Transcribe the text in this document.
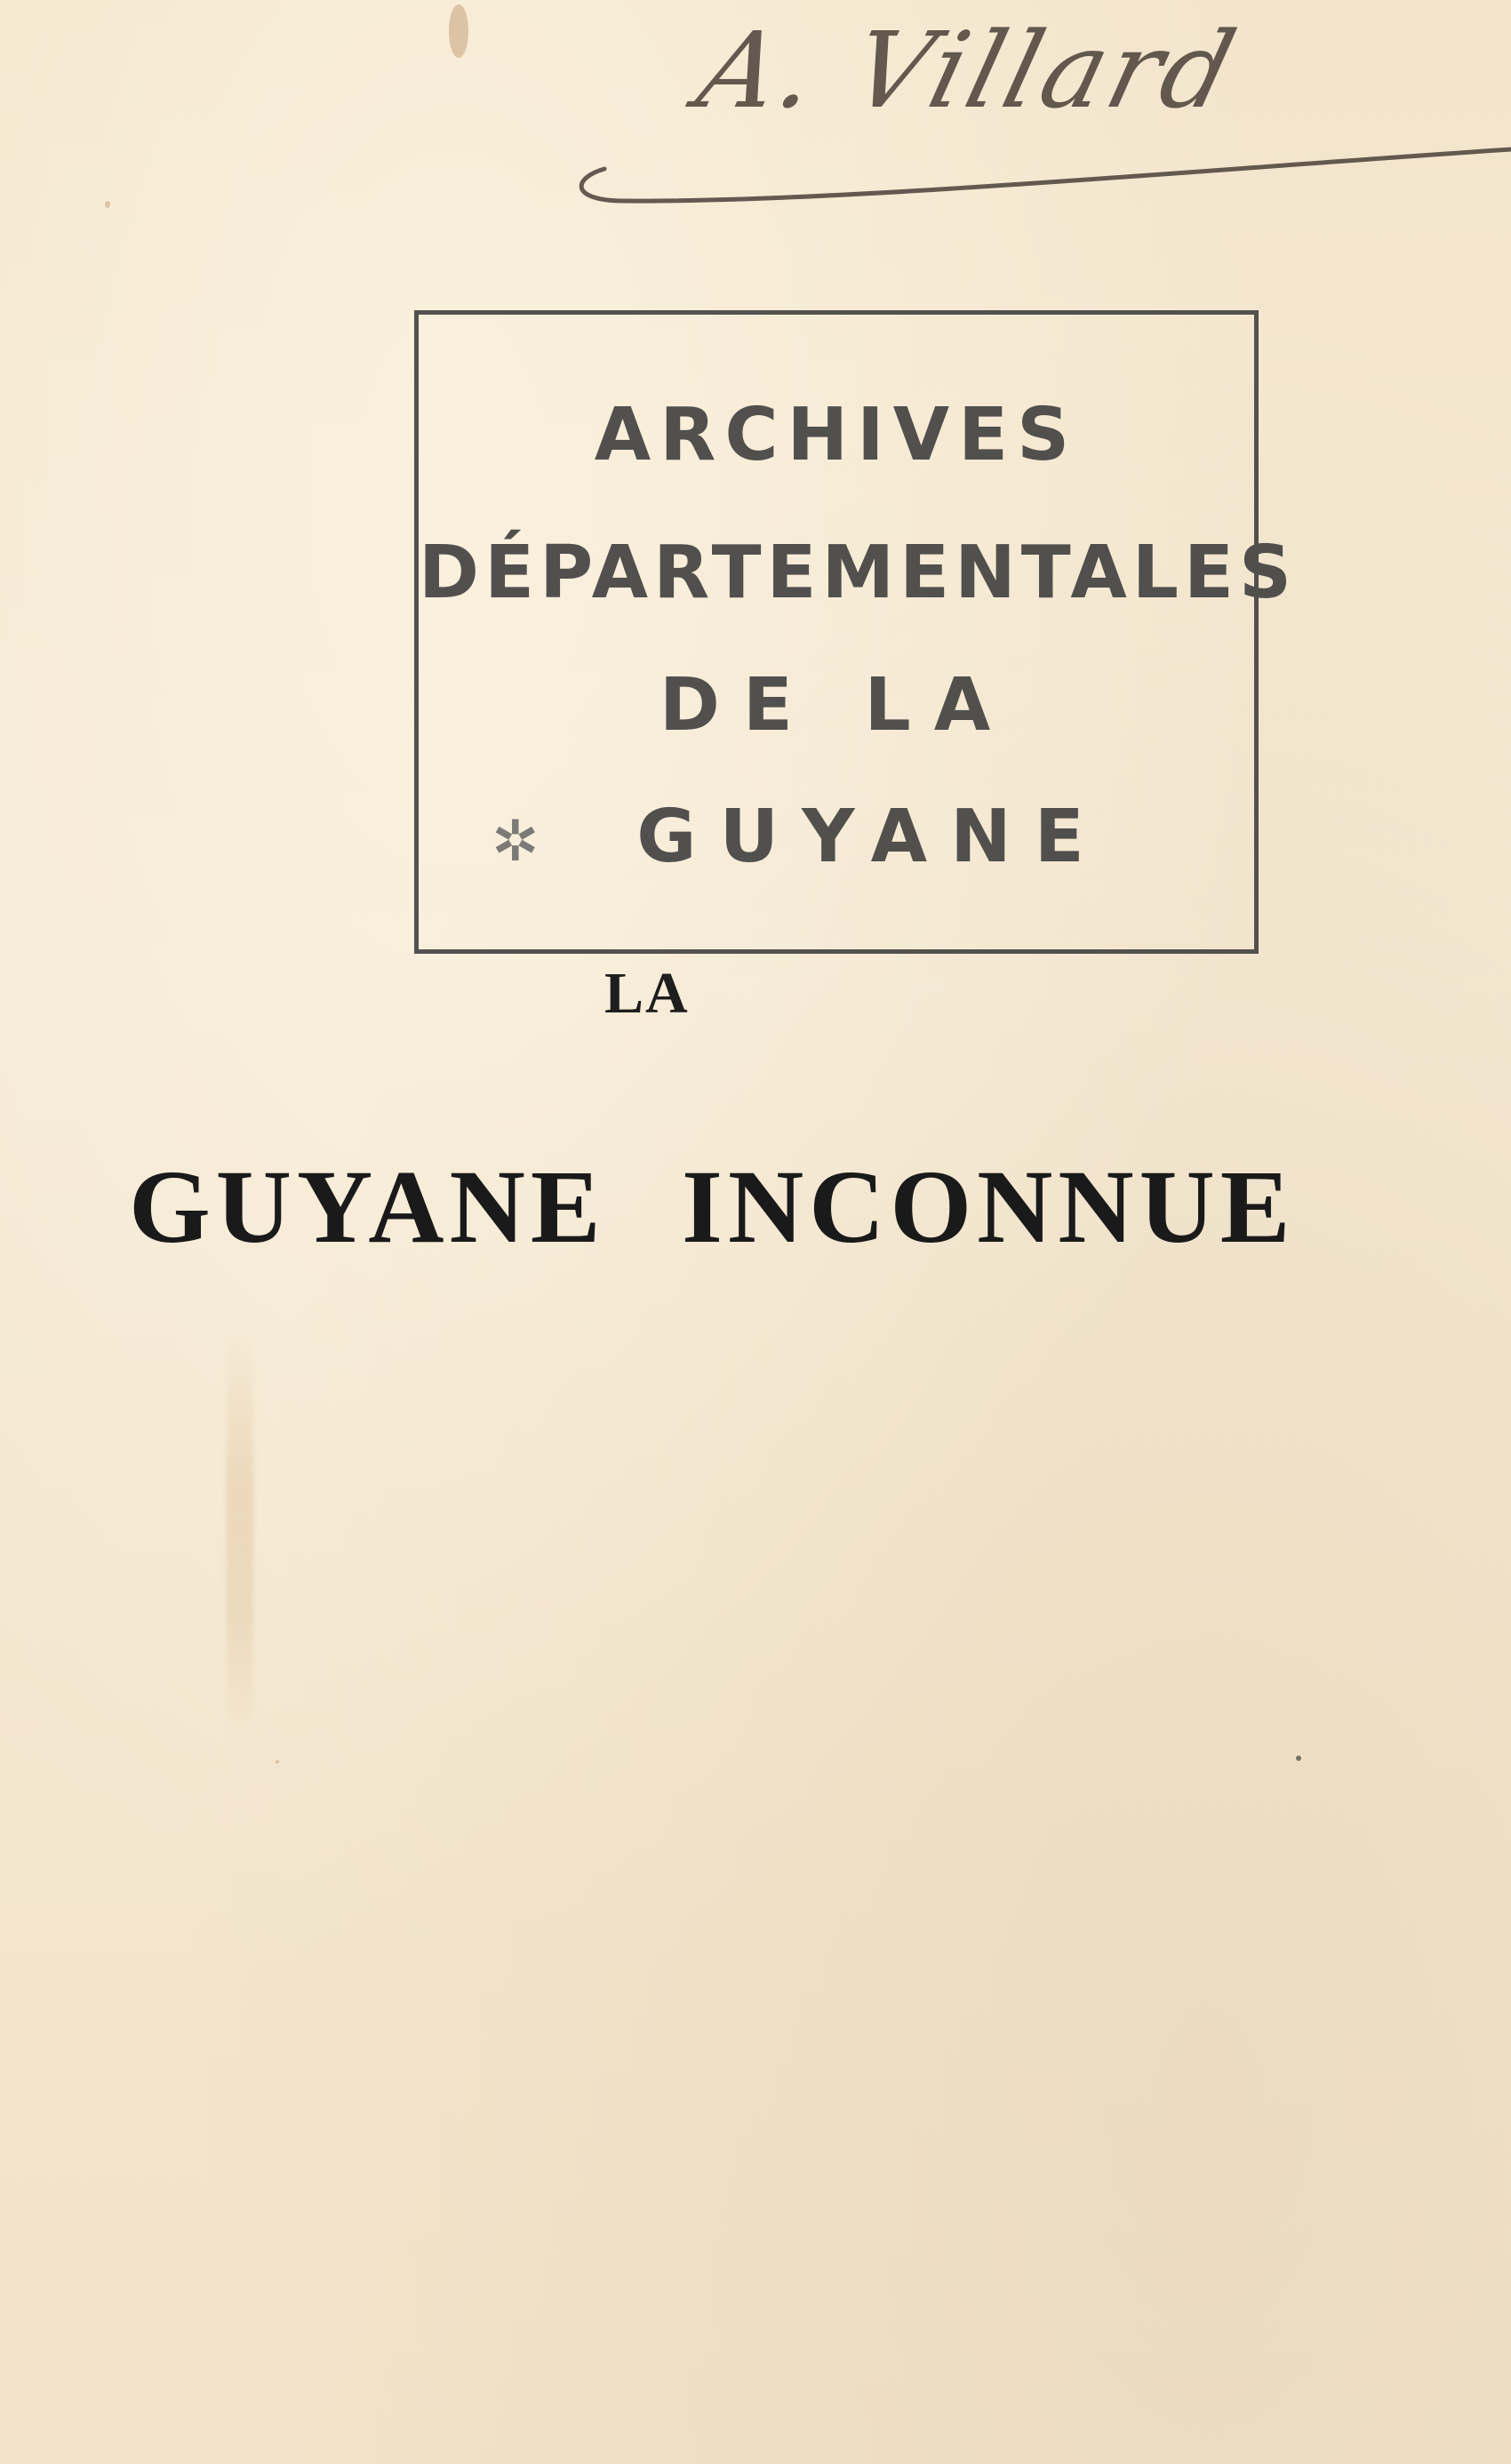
A. Villard
ARCHIVES
DÉPARTEMENTALES
DE LA
✲	GUYANE
LA
GUYANE INCONNUE
